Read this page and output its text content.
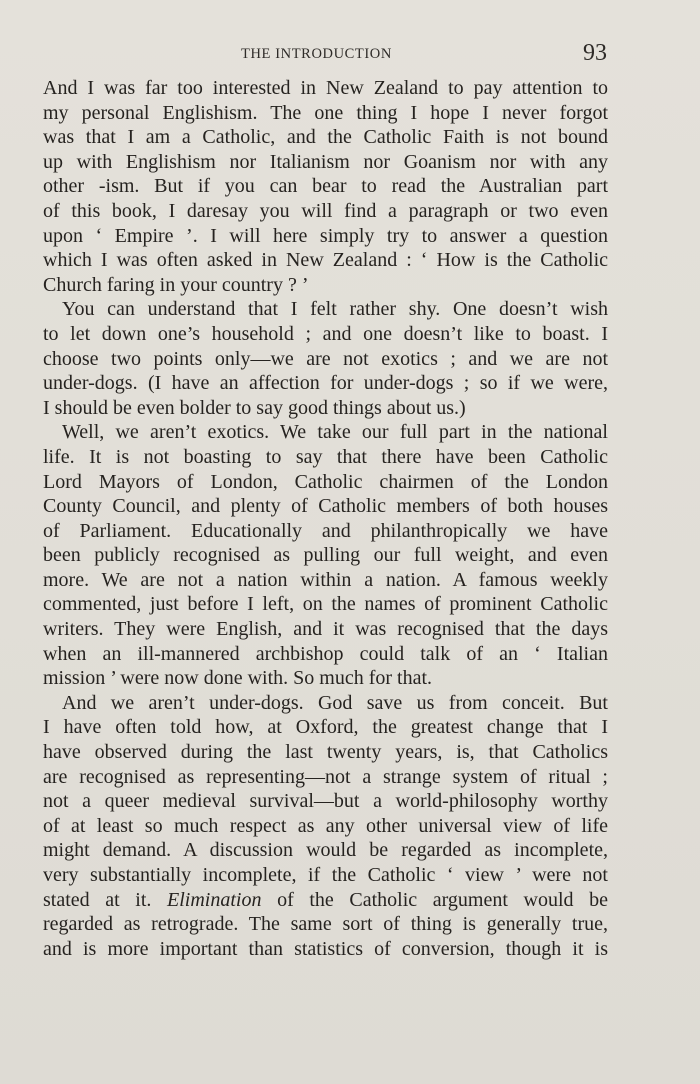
THE INTRODUCTION	93
And I was far too interested in New Zealand to pay attention to
my personal Englishism. The one thing I hope I never forgot
was that I am a Catholic, and the Catholic Faith is not bound
up with Englishism nor Italianism nor Goanism nor with any
other -ism. But if you can bear to read the Australian part
of this book, I daresay you will find a paragraph or two even
upon ‘ Empire ’. I will here simply try to answer a question
which I was often asked in New Zealand : ‘ How is the Catholic
Church faring in your country ? ’
You can understand that I felt rather shy. One doesn’t wish
to let down one’s household ; and one doesn’t like to boast. I
choose two points only—we are not exotics ; and we are not
under-dogs. (I have an affection for under-dogs ; so if we were,
I should be even bolder to say good things about us.)
Well, we aren’t exotics. We take our full part in the national
life. It is not boasting to say that there have been Catholic
Lord Mayors of London, Catholic chairmen of the London
County Council, and plenty of Catholic members of both houses
of Parliament. Educationally and philanthropically we have
been publicly recognised as pulling our full weight, and even
more. We are not a nation within a nation. A famous weekly
commented, just before I left, on the names of prominent Catholic
writers. They were English, and it was recognised that the days
when an ill-mannered archbishop could talk of an ‘ Italian
mission ’ were now done with. So much for that.
And we aren’t under-dogs. God save us from conceit. But
I have often told how, at Oxford, the greatest change that I
have observed during the last twenty years, is, that Catholics
are recognised as representing—not a strange system of ritual ;
not a queer medieval survival—but a world-philosophy worthy
of at least so much respect as any other universal view of life
might demand. A discussion would be regarded as incomplete,
very substantially incomplete, if the Catholic ‘ view ’ were not
stated at it. Elimination of the Catholic argument would be
regarded as retrograde. The same sort of thing is generally true,
and is more important than statistics of conversion, though it is
